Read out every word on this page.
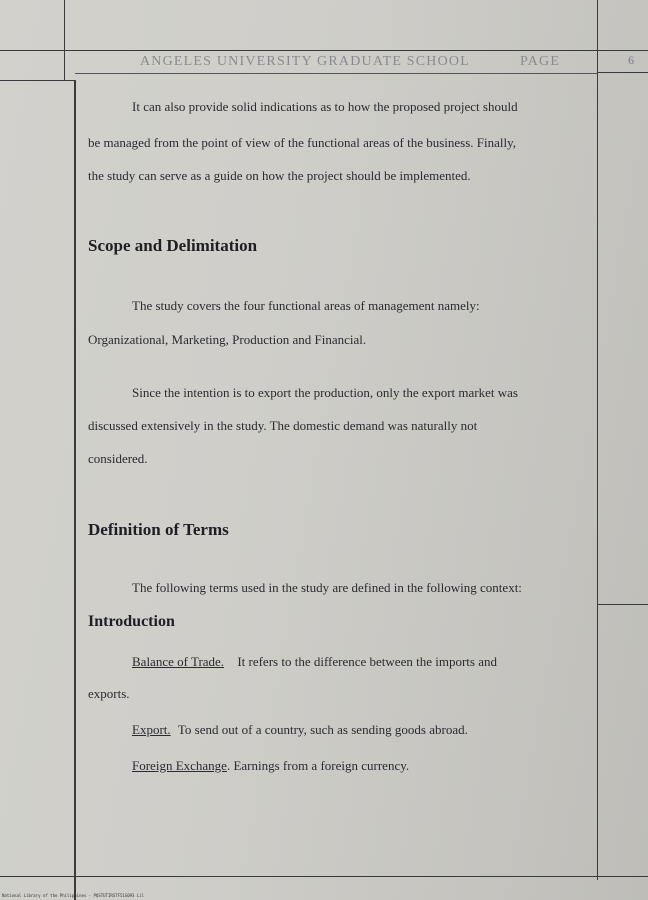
ANGELES UNIVERSITY GRADUATE SCHOOL	PAGE	6
It can also provide solid indications as to how the proposed project should
be managed from the point of view of the functional areas of the business. Finally,
the study can serve as a guide on how the project should be implemented.
Scope and Delimitation
The study covers the four functional areas of management namely:
Organizational, Marketing, Production and Financial.
Since the intention is to export the production, only the export market was
discussed extensively in the study. The domestic demand was naturally not
considered.
Definition of Terms
The following terms used in the study are defined in the following context:
Introduction
Balance of Trade. It refers to the difference between the imports and
exports.
Export. To send out of a country, such as sending goods abroad.
Foreign Exchange. Earnings from a foreign currency.
National Library of the Philippines · PQSTUTIRSTF51G093 Lil
